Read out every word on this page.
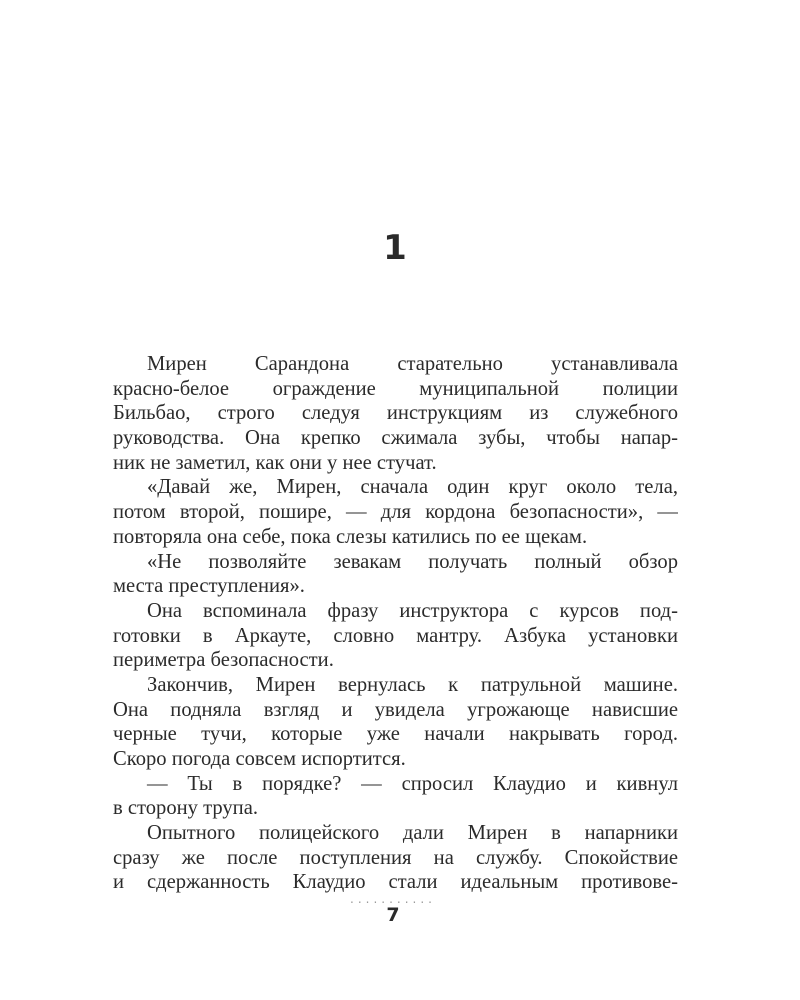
1
Мирен Сарандона старательно устанавливала
красно-белое ограждение муниципальной полиции
Бильбао, строго следуя инструкциям из служебного
руководства. Она крепко сжимала зубы, чтобы напар-
ник не заметил, как они у нее стучат.
«Давай же, Мирен, сначала один круг около тела,
потом второй, пошире, — для кордона безопасности», —
повторяла она себе, пока слезы катились по ее щекам.
«Не позволяйте зевакам получать полный обзор
места преступления».
Она вспоминала фразу инструктора с курсов под-
готовки в Аркауте, словно мантру. Азбука установки
периметра безопасности.
Закончив, Мирен вернулась к патрульной машине.
Она подняла взгляд и увидела угрожающе нависшие
черные тучи, которые уже начали накрывать город.
Скоро погода совсем испортится.
— Ты в порядке? — спросил Клаудио и кивнул
в сторону трупа.
Опытного полицейского дали Мирен в напарники
сразу же после поступления на службу. Спокойствие
и сдержанность Клаудио стали идеальным противове-
...........
7
